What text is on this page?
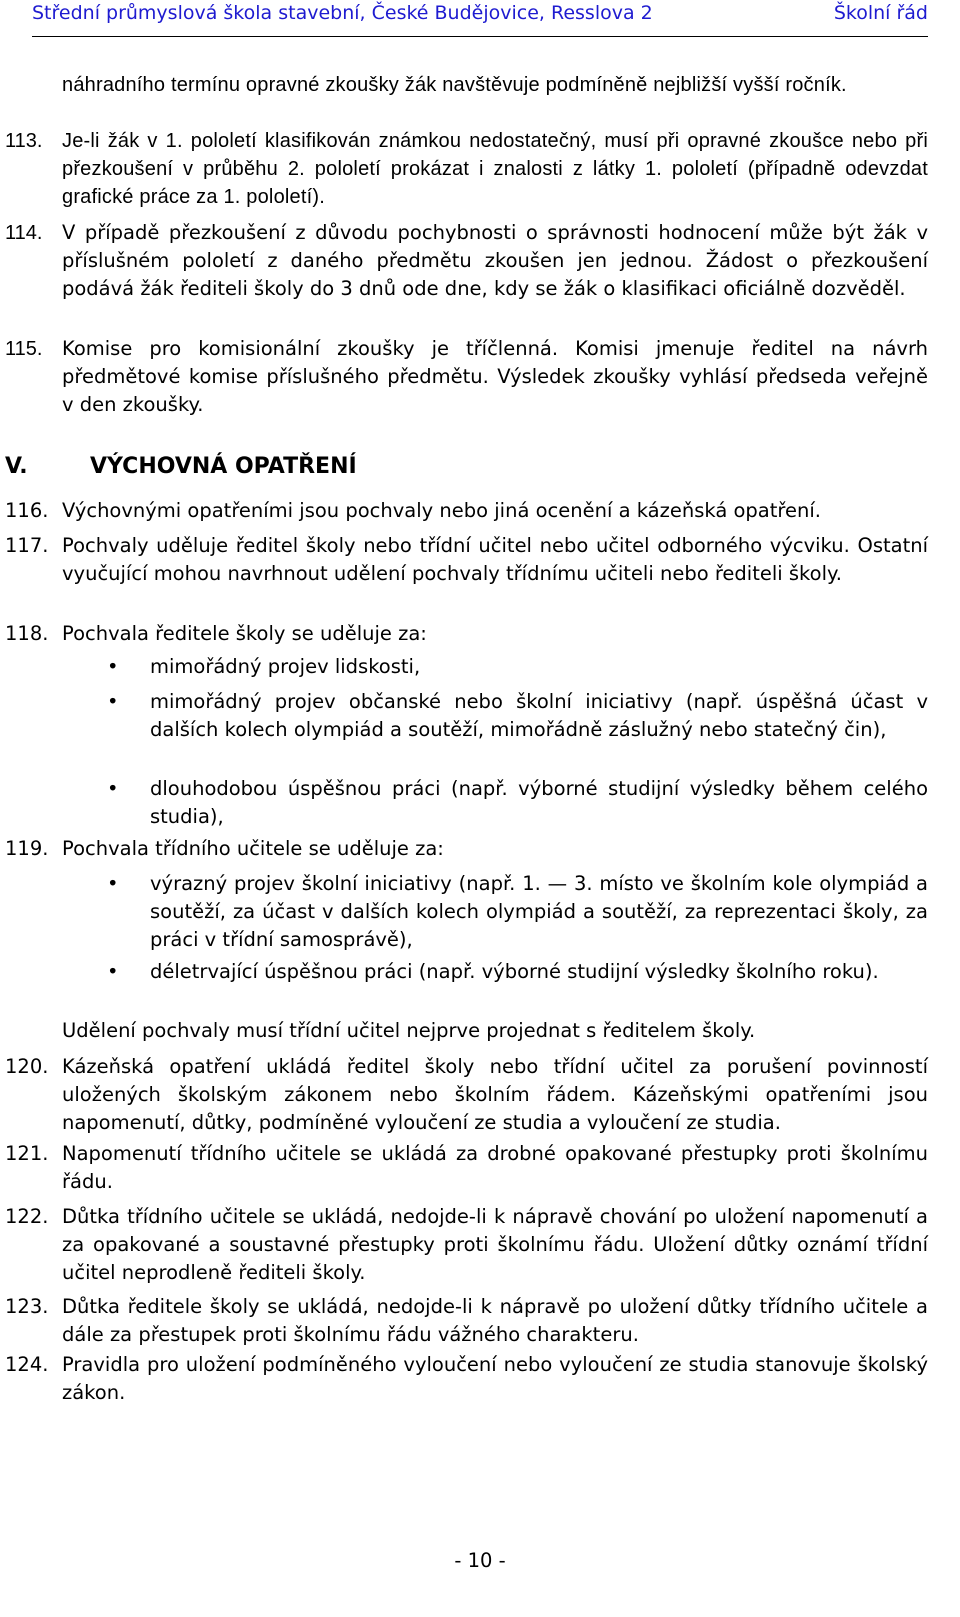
Střední průmyslová škola stavební, České Budějovice, Resslova 2	Školní řád

náhradního termínu opravné zkoušky žák navštěvuje podmíněně nejbližší vyšší ročník.

113. Je-li žák v 1. pololetí klasifikován známkou nedostatečný, musí při opravné zkoušce nebo při přezkoušení v průběhu 2. pololetí prokázat i znalosti z látky 1. pololetí (případně odevzdat grafické práce za 1. pololetí).

114. V případě přezkoušení z důvodu pochybnosti o správnosti hodnocení může být žák v příslušném pololetí z daného předmětu zkoušen jen jednou. Žádost o přezkoušení podává žák řediteli školy do 3 dnů ode dne, kdy se žák o klasifikaci oficiálně dozvěděl.

115. Komise pro komisionální zkoušky je tříčlenná. Komisi jmenuje ředitel na návrh předmětové komise příslušného předmětu. Výsledek zkoušky vyhlásí předseda veřejně v den zkoušky.

V.	VÝCHOVNÁ OPATŘENÍ
116. Výchovnými opatřeními jsou pochvaly nebo jiná ocenění a kázeňská opatření.

117. Pochvaly uděluje ředitel školy nebo třídní učitel nebo učitel odborného výcviku. Ostatní vyučující mohou navrhnout udělení pochvaly třídnímu učiteli nebo řediteli školy.

118. Pochvala ředitele školy se uděluje za:

• mimořádný projev lidskosti,

• mimořádný projev občanské nebo školní iniciativy (např. úspěšná účast v dalších kolech olympiád a soutěží, mimořádně záslužný nebo statečný čin),

• dlouhodobou úspěšnou práci (např. výborné studijní výsledky během celého studia),

119. Pochvala třídního učitele se uděluje za:

• výrazný projev školní iniciativy (např. 1. — 3. místo ve školním kole olympiád a soutěží, za účast v dalších kolech olympiád a soutěží, za reprezentaci školy, za práci v třídní samosprávě),

• déletrvající úspěšnou práci (např. výborné studijní výsledky školního roku).

Udělení pochvaly musí třídní učitel nejprve projednat s ředitelem školy.

120. Kázeňská opatření ukládá ředitel školy nebo třídní učitel za porušení povinností uložených školským zákonem nebo školním řádem. Kázeňskými opatřeními jsou napomenutí, důtky, podmíněné vyloučení ze studia a vyloučení ze studia.

121. Napomenutí třídního učitele se ukládá za drobné opakované přestupky proti školnímu řádu.

122. Důtka třídního učitele se ukládá, nedojde-li k nápravě chování po uložení napomenutí a za opakované a soustavné přestupky proti školnímu řádu. Uložení důtky oznámí třídní učitel neprodleně řediteli školy.

123. Důtka ředitele školy se ukládá, nedojde-li k nápravě po uložení důtky třídního učitele a dále za přestupek proti školnímu řádu vážného charakteru.

124. Pravidla pro uložení podmíněného vyloučení nebo vyloučení ze studia stanovuje školský zákon.

- 10 -
